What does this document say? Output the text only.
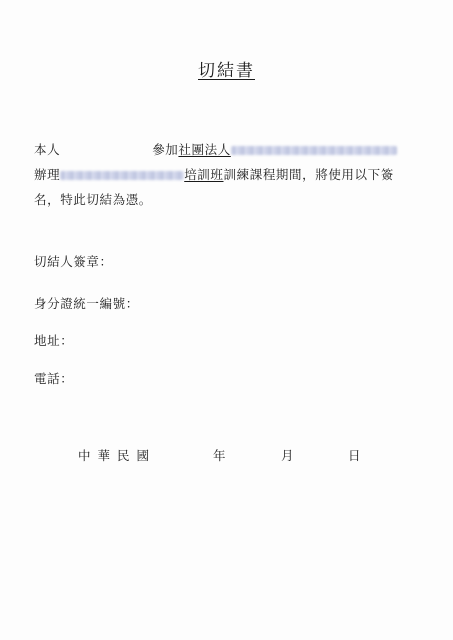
切結書
本人	參加社團法人
辦理	培訓班訓練課程期間，將使用以下簽
名，特此切結為憑。
切結人簽章：
身分證統一編號：
地址：
電話：
中華民國	年	月	日
